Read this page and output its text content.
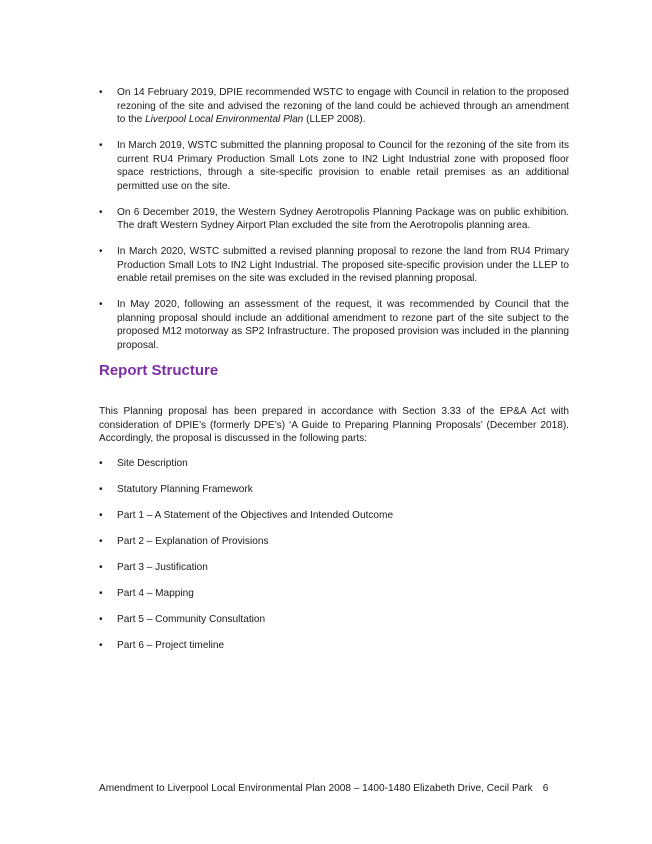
• On 14 February 2019, DPIE recommended WSTC to engage with Council in relation to the proposed rezoning of the site and advised the rezoning of the land could be achieved through an amendment to the Liverpool Local Environmental Plan (LLEP 2008).
• In March 2019, WSTC submitted the planning proposal to Council for the rezoning of the site from its current RU4 Primary Production Small Lots zone to IN2 Light Industrial zone with proposed floor space restrictions, through a site-specific provision to enable retail premises as an additional permitted use on the site.
• On 6 December 2019, the Western Sydney Aerotropolis Planning Package was on public exhibition. The draft Western Sydney Airport Plan excluded the site from the Aerotropolis planning area.
• In March 2020, WSTC submitted a revised planning proposal to rezone the land from RU4 Primary Production Small Lots to IN2 Light Industrial. The proposed site-specific provision under the LLEP to enable retail premises on the site was excluded in the revised planning proposal.
• In May 2020, following an assessment of the request, it was recommended by Council that the planning proposal should include an additional amendment to rezone part of the site subject to the proposed M12 motorway as SP2 Infrastructure. The proposed provision was included in the planning proposal.
Report Structure

This Planning proposal has been prepared in accordance with Section 3.33 of the EP&A Act with consideration of DPIE’s (formerly DPE’s) ‘A Guide to Preparing Planning Proposals’ (December 2018). Accordingly, the proposal is discussed in the following parts:

• Site Description
• Statutory Planning Framework
• Part 1 – A Statement of the Objectives and Intended Outcome
• Part 2 – Explanation of Provisions
• Part 3 – Justification
• Part 4 – Mapping
• Part 5 – Community Consultation
• Part 6 – Project timeline
Amendment to Liverpool Local Environmental Plan 2008 – 1400-1480 Elizabeth Drive, Cecil Park 6
